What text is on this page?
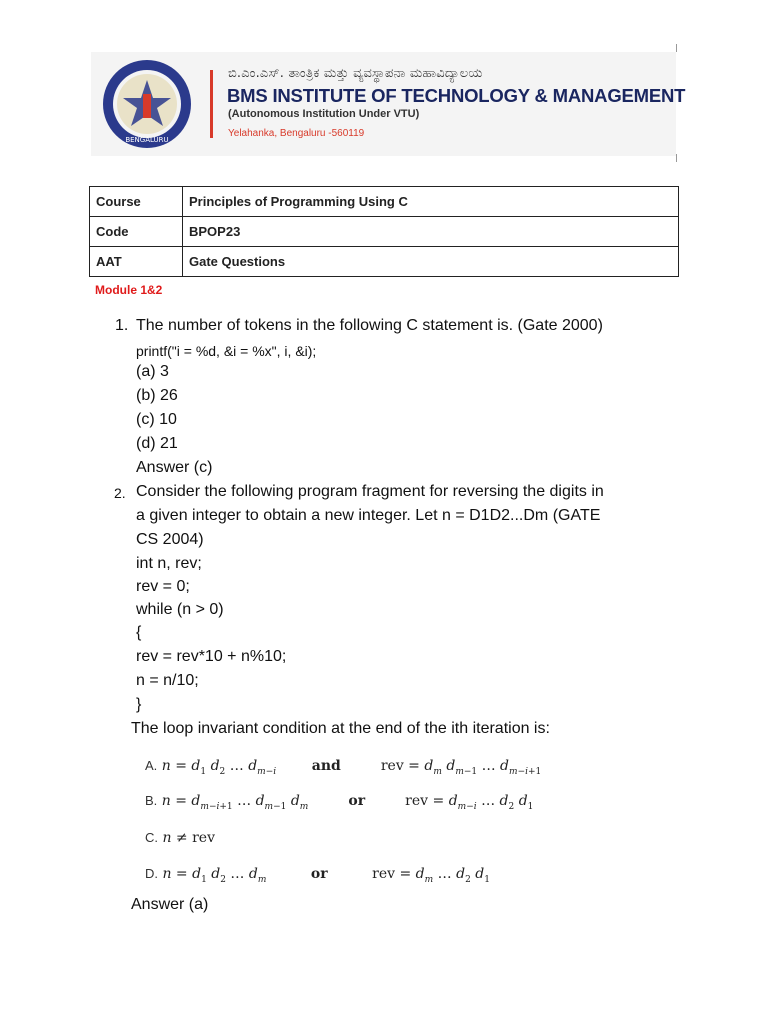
BENGALURU
ಬಿ.ಎಂ.ಎಸ್. ತಾಂತ್ರಿಕ ಮತ್ತು ವ್ಯವಸ್ಥಾಪನಾ ಮಹಾವಿದ್ಯಾಲಯ
BMS INSTITUTE OF TECHNOLOGY & MANAGEMENT
(Autonomous Institution Under VTU)
Yelahanka, Bengaluru -560119
Course	Principles of Programming Using C
Code	BPOP23
AAT	Gate Questions
Module 1&2
1. The number of tokens in the following C statement is. (Gate 2000)
printf("i = %d, &i = %x", i, &i);
(a) 3
(b) 26
(c) 10
(d) 21
Answer (c)
2. Consider the following program fragment for reversing the digits in
a given integer to obtain a new integer. Let n = D1D2...Dm (GATE
CS 2004)
int n, rev;
rev = 0;
while (n > 0)
{
rev = rev*10 + n%10;
n = n/10;
}
The loop invariant condition at the end of the ith iteration is:
A. $n = d_1$ $d_2$ … $d_{m-i}$	and         rev = $d_m$ $d_{m-1}$ … $d_{m-i+1}$
B. $n = d_{m-i+1}$ … $d_{m-1}$ $d_m$	or         rev = $d_{m-i}$ … $d_2$ $d_1$
C. n ≠ rev
D. $n = d_1$ $d_2$ … $d_m$	or          rev = $d_m$ … $d_2$ $d_1$
Answer (a)
